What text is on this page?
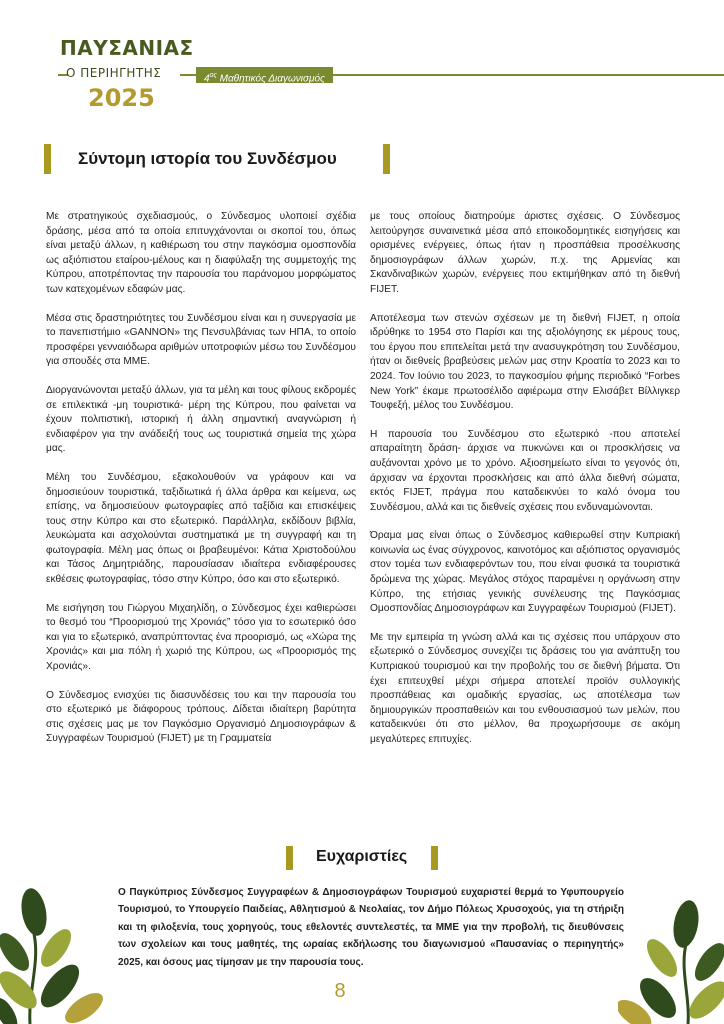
ΠΑΥΣΑΝΙΑΣ
Ο ΠΕΡΙΗΓΗΤΗΣ
2025
$4^{o\varsigma}$ Μαθητικός Διαγωνισμός
Σύντομη ιστορία του Συνδέσμου

Με στρατηγικούς σχεδιασμούς, ο Σύνδεσμος υλοποιεί σχέδια δράσης, μέσα από τα οποία επιτυγχάνονται οι σκοποί του, όπως είναι μεταξύ άλλων, η καθιέρωση του στην παγκόσμια ομοσπονδία ως αξιόπιστου εταίρου-μέλους και η διαφύλαξη της συμμετοχής της Κύπρου, αποτρέποντας την παρουσία του παράνομου μορφώματος των κατεχομένων εδαφών μας.

Μέσα στις δραστηριότητες του Συνδέσμου είναι και η συνεργασία με το πανεπιστήμιο «GANNON» της Πενσυλβάνιας των ΗΠΑ, το οποίο προσφέρει γενναιόδωρα αριθμών υποτροφιών μέσω του Συνδέσμου για σπουδές στα ΜΜΕ.

Διοργανώνονται μεταξύ άλλων, για τα μέλη και τους φίλους εκδρομές σε επιλεκτικά -μη τουριστικά- μέρη της Κύπρου, που φαίνεται να έχουν πολιτιστική, ιστορική ή άλλη σημαντική αναγνώριση ή ενδιαφέρον για την ανάδειξή τους ως τουριστικά σημεία της χώρα μας.

Μέλη του Συνδέσμου, εξακολουθούν να γράφουν και να δημοσιεύουν τουριστικά, ταξιδιωτικά ή άλλα άρθρα και κείμενα, ως επίσης, να δημοσιεύουν φωτογραφίες από ταξίδια και επισκέψεις τους στην Κύπρο και στο εξωτερικό. Παράλληλα, εκδίδουν βιβλία, λευκώματα και ασχολούνται συστηματικά με τη συγγραφή και τη φωτογραφία. Μέλη μας όπως οι βραβευμένοι: Κάτια Χριστοδούλου και Τάσος Δημητριάδης, παρουσίασαν ιδιαίτερα ενδιαφέρουσες εκθέσεις φωτογραφίας, τόσο στην Κύπρο, όσο και στο εξωτερικό.

Με εισήγηση του Γιώργου Μιχαηλίδη, ο Σύνδεσμος έχει καθιερώσει το θεσμό του “Προορισμού της Χρονιάς” τόσο για το εσωτερικό όσο και για το εξωτερικό, αναπρύπτοντας ένα προορισμό, ως «Χώρα της Χρονιάς» και μια πόλη ή χωριό της Κύπρου, ως «Προορισμός της Χρονιάς».

Ο Σύνδεσμος ενισχύει τις διασυνδέσεις του και την παρουσία του στο εξωτερικό με διάφορους τρόπους. Δίδεται ιδιαίτερη βαρύτητα στις σχέσεις μας με τον Παγκόσμιο Οργανισμό Δημοσιογράφων & Συγγραφέων Τουρισμού (FIJET) με τη Γραμματεία

με τους οποίους διατηρούμε άριστες σχέσεις. Ο Σύνδεσμος λειτούργησε συναινετικά μέσα από εποικοδομητικές εισηγήσεις και ορισμένες ενέργειες, όπως ήταν η προσπάθεια προσέλκυσης δημοσιογράφων άλλων χωρών, π.χ. της Αρμενίας και Σκανδιναβικών χωρών, ενέργειες που εκτιμήθηκαν από τη διεθνή FIJET.

Αποτέλεσμα των στενών σχέσεων με τη διεθνή FIJET, η οποία ιδρύθηκε το 1954 στο Παρίσι και της αξιολόγησης εκ μέρους τους, του έργου που επιτελείται μετά την ανασυγκρότηση του Συνδέσμου, ήταν οι διεθνείς βραβεύσεις μελών μας στην Κροατία το 2023 και το 2024. Τον Ιούνιο του 2023, το παγκοσμίου φήμης περιοδικό “Forbes New York” έκαμε πρωτοσέλιδο αφιέρωμα στην Ελισάβετ Βίλλιγκερ Τουφεξή, μέλος του Συνδέσμου.

Η παρουσία του Συνδέσμου στο εξωτερικό -που αποτελεί απαραίτητη δράση- άρχισε να πυκνώνει και οι προσκλήσεις να αυξάνονται χρόνο με το χρόνο. Αξιοσημείωτο είναι το γεγονός ότι, άρχισαν να έρχονται προσκλήσεις και από άλλα διεθνή σώματα, εκτός FIJET, πράγμα που καταδεικνύει το καλό όνομα του Συνδέσμου, αλλά και τις διεθνείς σχέσεις που ενδυναμώνονται.

Όραμα μας είναι όπως ο Σύνδεσμος καθιερωθεί στην Κυπριακή κοινωνία ως ένας σύγχρονος, καινοτόμος και αξιόπιστος οργανισμός στον τομέα των ενδιαφερόντων του, που είναι φυσικά τα τουριστικά δρώμενα της χώρας. Μεγάλος στόχος παραμένει η οργάνωση στην Κύπρο, της ετήσιας γενικής συνέλευσης της Παγκόσμιας Ομοσπονδίας Δημοσιογράφων και Συγγραφέων Τουρισμού (FIJET).

Με την εμπειρία τη γνώση αλλά και τις σχέσεις που υπάρχουν στο εξωτερικό ο Σύνδεσμος συνεχίζει τις δράσεις του για ανάπτυξη του Κυπριακού τουρισμού και την προβολής του σε διεθνή βήματα. Ότι έχει επιτευχθεί μέχρι σήμερα αποτελεί προϊόν συλλογικής προσπάθειας και ομαδικής εργασίας, ως αποτέλεσμα των δημιουργικών προσπαθειών και του ενθουσιασμού των μελών, που καταδεικνύει ότι στο μέλλον, θα προχωρήσουμε σε ακόμη μεγαλύτερες επιτυχίες.

Ευχαριστίες
Ο Παγκύπριος Σύνδεσμος Συγγραφέων & Δημοσιογράφων Τουρισμού ευχαριστεί θερμά το Υφυπουργείο Τουρισμού, το Υπουργείο Παιδείας, Αθλητισμού & Νεολαίας, τον Δήμο Πόλεως Χρυσοχούς, για τη στήριξη και τη φιλοξενία, τους χορηγούς, τους εθελοντές συντελεστές, τα ΜΜΕ για την προβολή, τις διευθύνσεις των σχολείων και τους μαθητές, της ωραίας εκδήλωσης του διαγωνισμού «Παυσανίας ο περιηγητής» 2025, και όσους μας τίμησαν με την παρουσία τους.
8
